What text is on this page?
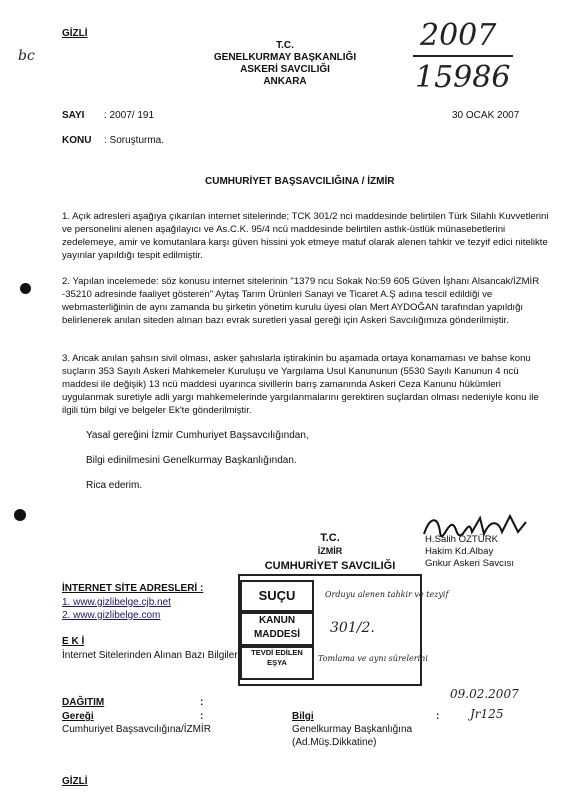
GİZLİ
bc
T.C.
GENELKURMAY BAŞKANLIĞI
ASKERİ SAVCILIĞI
ANKARA
2007
15986
SAYI : 2007/ 191	30 OCAK 2007
KONU : Soruşturma.
CUMHURİYET BAŞSAVCILIĞINA / İZMİR

1. Açık adresleri aşağıya çıkarılan internet sitelerinde; TCK 301/2 nci maddesinde belirtilen Türk Silahlı Kuvvetlerini ve personelini alenen aşağılayıcı ve As.C.K. 95/4 ncü maddesinde belirtilen astlık-üstlük münasebetlerini zedelemeye, amir ve komutanlara karşı güven hissini yok etmeye matuf olarak alenen tahkir ve tezyif edici nitelikte yayınlar yapıldığı tespit edilmiştir.

2. Yapılan incelemede: söz konusu internet sitelerinin "1379 ncu Sokak No:59 605 Güven İşhanı Alsancak/İZMİR -35210 adresinde faaliyet gösteren" Aytaş Tarım Ürünleri Sanayi ve Ticaret A.Ş adına tescil edildiği ve webmasterliğinin de aynı zamanda bu şirketin yönetim kurulu üyesi olan Mert AYDOĞAN tarafından yapıldığı belirlenerek anılan siteden alınan bazı evrak suretleri yasal gereği için Askeri Savcılığımıza gönderilmiştir.

3. Ancak anılan şahsın sivil olması, asker şahıslarla iştirakinin bu aşamada ortaya konamaması ve bahse konu suçların 353 Sayılı Askeri Mahkemeler Kuruluşu ve Yargılama Usul Kanununun (5530 Sayılı Kanunun 4 ncü maddesi ile değişik) 13 ncü maddesi uyarınca sivillerin barış zamanında Askeri Ceza Kanunu hükümleri uygulanmak suretiyle adli yargı mahkemelerinde yargılanmalarını gerektiren suçlardan olması nedeniyle konu ile ilgili tüm bilgi ve belgeler Ek'te gönderilmiştir.

Yasal gereğini İzmir Cumhuriyet Başsavcılığından,
Bilgi edinilmesini Genelkurmay Başkanlığından.
Rica ederim.
H.Salih ÖZTÜRK
Hakim Kd.Albay
Gnkur Askeri Savcısı
T.C.
İZMİR
CUMHURİYET SAVCILIĞI
SUÇU	Orduyu alenen tahkir ve tezyif
KANUN MADDESİ	301/2.
TEVDİ EDİLEN EŞYA	Tomlama ve aynı sürelerini
İNTERNET SİTE ADRESLERİ :
1. www.gizlibelge.cjb.net
2. www.gizlibelge.com
E K İ
İnternet Sitelerinden Alınan Bazı Bilgiler
09.02.2007
Jr125
DAĞITIM	:
Gereği	:
Cumhuriyet Başsavcılığına/İZMİR
Bilgi	:
Genelkurmay Başkanlığına
(Ad.Müş.Dikkatine)
GİZLİ
